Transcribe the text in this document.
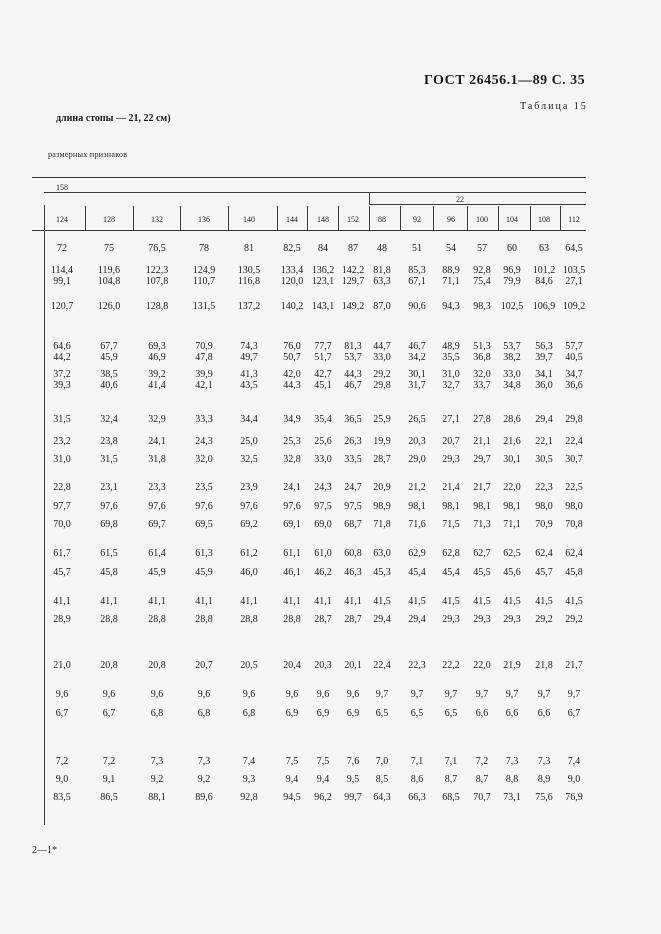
ГОСТ 26456.1—89 С. 35
Таблица 15
длина стопы — 21, 22 см)
размерных признаков
158
22
124	128	132	136	140	144 148 152 88	92	96	100 104	108 112
72	75	76,5	78	81	82,5 84 87 48	51 54 57 60 63 64,5
114,4 119,6	122,3 124,9 130,5 133,4 136,2 142,2 81,8 85,3 88,9 92,8 96,9 101,2 103,5
99,1	104,8	107,8 110,7 116,8 120,0 123,1 129,7 63,3 67,1 71,1 75,4 79,9 84,6 27,1
120,7 126,0	128,8 131,5 137,2 140,2 143,1 149,2 87,0 90,6 94,3 98,3 102,5 106,9 109,2
64,6	67,7	69,3	70,9	74,3	76,0 77,7 81,3 44,7 46,7 48,9 51,3 53,7 56,3 57,7
44,2	45,9	46,9	47,8	49,7	50,7 51,7 53,7 33,0 34,2 35,5 36,8 38,2 39,7 40,5
37,2	38,5	39,2	39,9	41,3	42,0 42,7 44,3 29,2 30,1 31,0 32,0 33,0 34,1 34,7
39,3	40,6	41,4	42,1	43,5	44,3 45,1 46,7 29,8 31,7 32,7 33,7 34,8 36,0 36,6
31,5	32,4	32,9	33,3	34,4	34,9 35,4 36,5 25,9 26,5 27,1 27,8 28,6 29,4 29,8
23,2	23,8	24,1	24,3	25,0	25,3 25,6 26,3 19,9 20,3 20,7 21,1 21,6 22,1 22,4
31,0	31,5	31,8	32,0	32,5	32,8 33,0 33,5 28,7 29,0 29,3 29,7 30,1 30,5 30,7
22,8	23,1	23,3	23,5	23,9	24,1 24,3 24,7 20,9 21,2 21,4 21,7 22,0 22,3 22,5
97,7	97,6	97,6	97,6	97,6	97,6 97,5 97,5 98,9 98,1 98,1 98,1 98,1 98,0 98,0
70,0	69,8	69,7	69,5	69,2	69,1 69,0 68,7 71,8 71,6 71,5 71,3 71,1 70,9 70,8
61,7	61,5	61,4	61,3	61,2	61,1 61,0 60,8 63,0 62,9 62,8 62,7 62,5 62,4 62,4
45,7	45,8	45,9	45,9	46,0	46,1 46,2 46,3 45,3 45,4 45,4 45,5 45,6 45,7 45,8
41,1	41,1	41,1	41,1	41,1	41,1 41,1 41,1 41,5 41,5 41,5 41,5 41,5 41,5 41,5
28,9	28,8	28,8	28,8	28,8	28,8 28,7 28,7 29,4 29,4 29,3 29,3 29,3 29,2 29,2
21,0	20,8	20,8	20,7	20,5	20,4 20,3 20,1 22,4 22,3 22,2 22,0 21,9 21,8 21,7
9,6	9,6	9,6	9,6	9,6	9,6 9,6 9,6 9,7 9,7 9,7 9,7 9,7 9,7 9,7
6,7	6,7	6,8	6,8	6,8	6,9 6,9 6,9 6,5 6,5 6,5 6,6 6,6 6,6 6,7
7,2	7,2	7,3	7,3	7,4	7,5 7,5 7,6 7,0 7,1 7,1 7,2 7,3 7,3 7,4
9,0	9,1	9,2	9,2	9,3	9,4 9,4 9,5 8,5 8,6 8,7 8,7 8,8 8,9 9,0
83,5	86,5	88,1	89,6	92,8	94,5 96,2 99,7 64,3 66,3 68,5 70,7 73,1 75,6 76,9
2—1*
